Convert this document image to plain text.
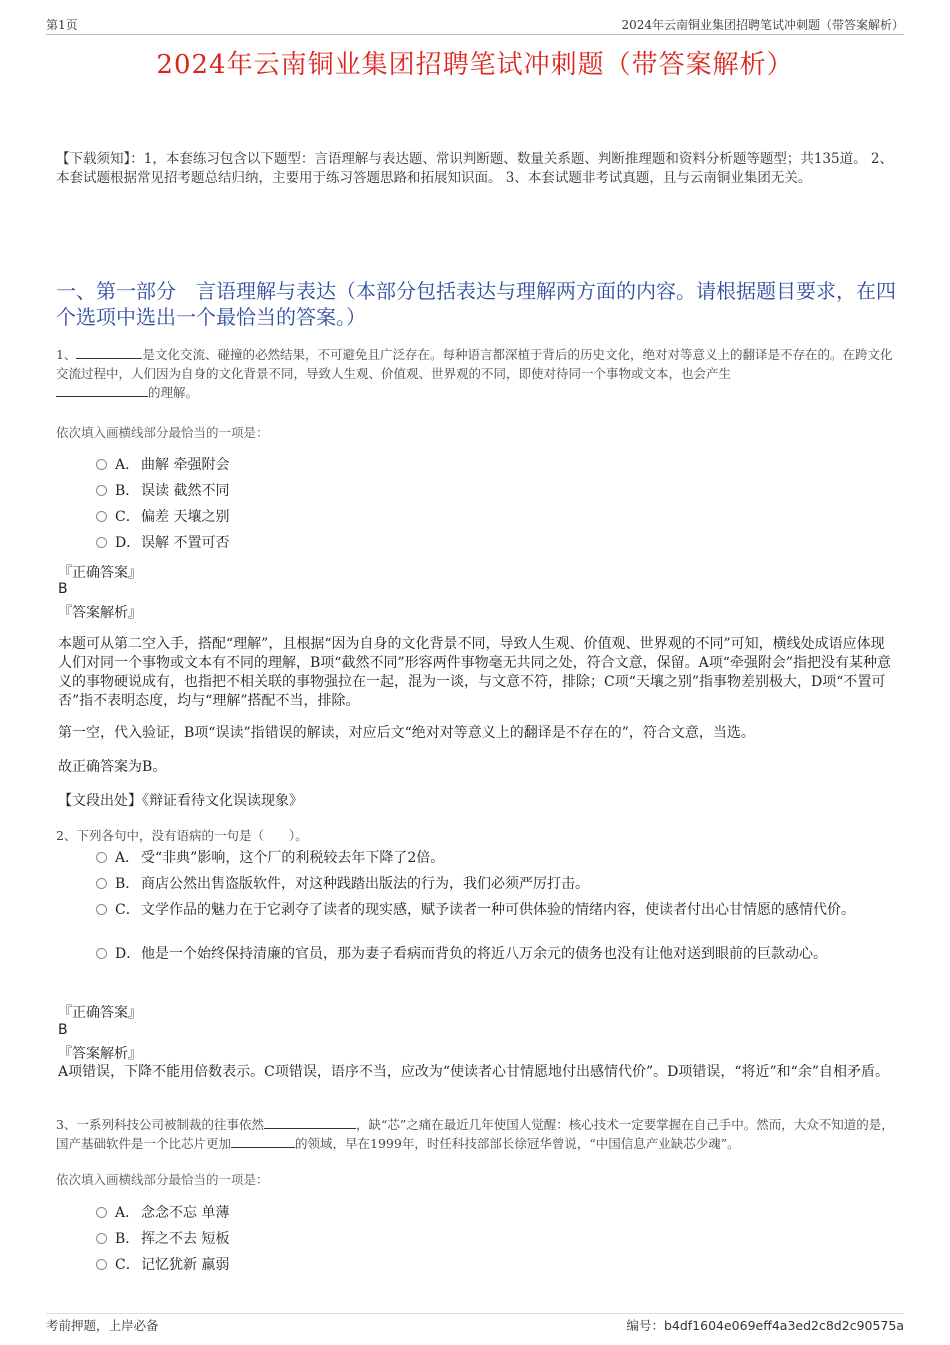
第1页	2024年云南铜业集团招聘笔试冲刺题（带答案解析）
2024年云南铜业集团招聘笔试冲刺题（带答案解析）
【下载须知】：1，本套练习包含以下题型：言语理解与表达题、常识判断题、数量关系题、判断推理题和资料分析题等题型；共135道。 2、本套试题根据常见招考题总结归纳，主要用于练习答题思路和拓展知识面。 3、本套试题非考试真题，且与云南铜业集团无关。
一、第一部分　言语理解与表达（本部分包括表达与理解两方面的内容。请根据题目要求，在四个选项中选出一个最恰当的答案。）
1、	是文化交流、碰撞的必然结果，不可避免且广泛存在。每种语言都深植于背后的历史文化，绝对对等意义上的翻译是不存在的。在跨文化交流过程中，人们因为自身的文化背景不同，导致人生观、价值观、世界观的不同，即使对待同一个事物或文本，也会产生
的理解。
依次填入画横线部分最恰当的一项是：
A． 曲解 牵强附会
B． 误读 截然不同
C．偏差 天壤之别
D．误解 不置可否
『正确答案』
B
『答案解析』
本题可从第二空入手，搭配“理解”，且根据“因为自身的文化背景不同，导致人生观、价值观、世界观的不同”可知，横线处成语应体现人们对同一个事物或文本有不同的理解，B项“截然不同”形容两件事物毫无共同之处，符合文意，保留。A项“牵强附会”指把没有某种意义的事物硬说成有，也指把不相关联的事物强拉在一起，混为一谈，与文意不符，排除；C项“天壤之别”指事物差别极大，D项“不置可否”指不表明态度，均与“理解”搭配不当，排除。
第一空，代入验证，B项“误读”指错误的解读，对应后文“绝对对等意义上的翻译是不存在的”，符合文意，当选。
故正确答案为B。
【文段出处】《辩证看待文化误读现象》
2、下列各句中，没有语病的一句是（　　）。
A． 受“非典”影响，这个厂的利税较去年下降了2倍。
B． 商店公然出售盗版软件，对这种践踏出版法的行为，我们必须严厉打击。
C．文学作品的魅力在于它剥夺了读者的现实感，赋予读者一种可供体验的情绪内容，使读者付出心甘情愿的感情代价。
D．他是一个始终保持清廉的官员，那为妻子看病而背负的将近八万余元的债务也没有让他对送到眼前的巨款动心。
『正确答案』
B
『答案解析』
A项错误，下降不能用倍数表示。C项错误，语序不当，应改为“使读者心甘情愿地付出感情代价”。D项错误，“将近”和“余”自相矛盾。
3、一系列科技公司被制裁的往事依然	，缺“芯”之痛在最近几年使国人觉醒：核心技术一定要掌握在自己手中。然而，大众不知道的是，国产基础软件是一个比芯片更加	的领域，早在1999年，时任科技部部长徐冠华曾说，“中国信息产业缺芯少魂”。
依次填入画横线部分最恰当的一项是：
A． 念念不忘 单薄
B． 挥之不去 短板
C．记忆犹新 羸弱
考前押题，上岸必备	编号：b4df1604e069eff4a3ed2c8d2c90575a
